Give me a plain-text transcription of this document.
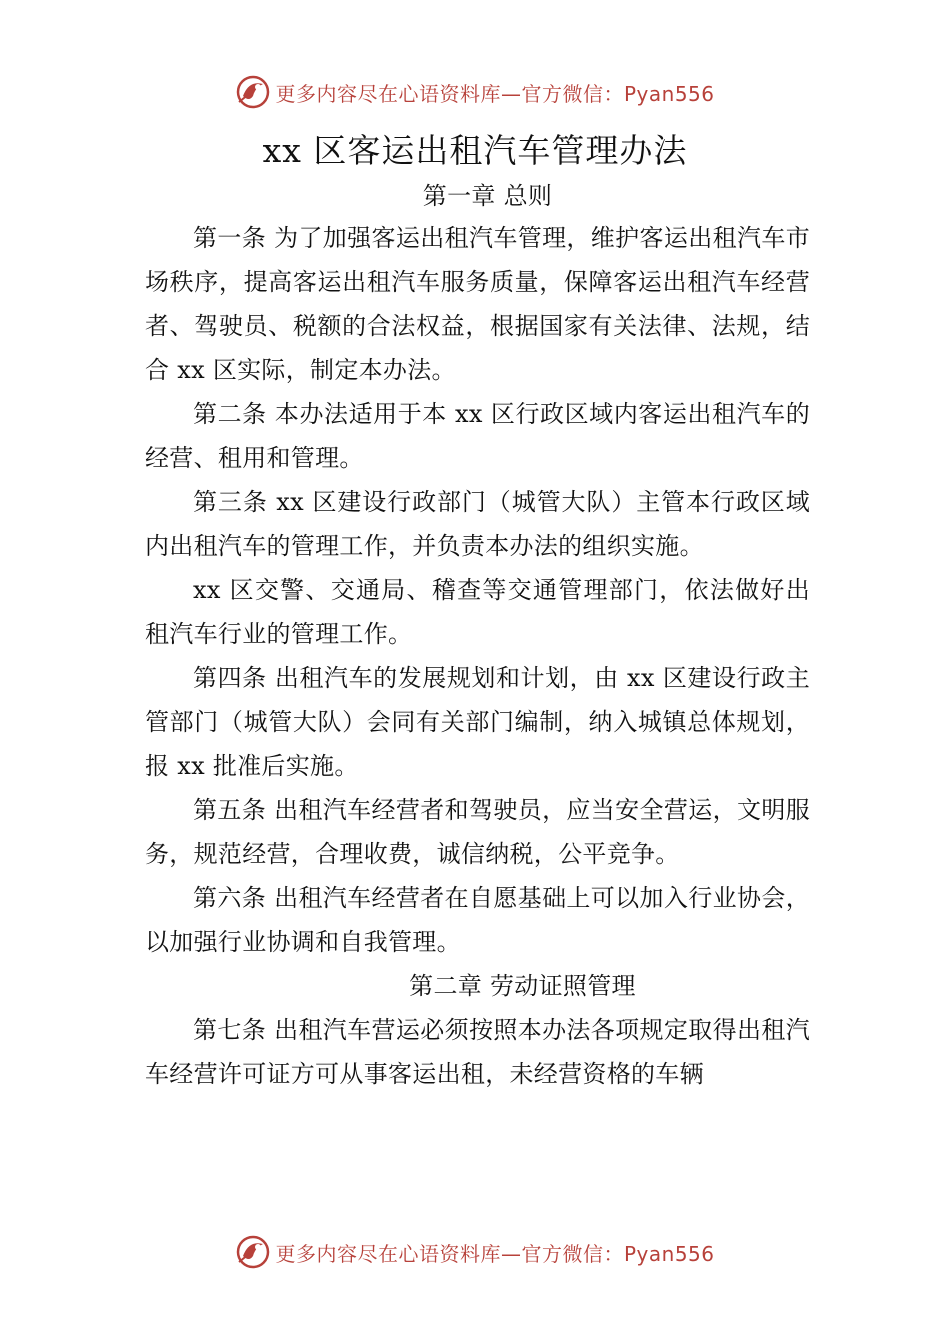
更多内容尽在心语资料库—官方微信：Pyan556
xx 区客运出租汽车管理办法

第一章 总则

第一条 为了加强客运出租汽车管理，维护客运出租汽车市场秩序，提高客运出租汽车服务质量，保障客运出租汽车经营者、驾驶员、税额的合法权益，根据国家有关法律、法规，结合 xx 区实际，制定本办法。

第二条 本办法适用于本 xx 区行政区域内客运出租汽车的经营、租用和管理。

第三条 xx 区建设行政部门（城管大队）主管本行政区域内出租汽车的管理工作，并负责本办法的组织实施。

xx 区交警、交通局、稽查等交通管理部门，依法做好出租汽车行业的管理工作。

第四条 出租汽车的发展规划和计划，由 xx 区建设行政主管部门（城管大队）会同有关部门编制，纳入城镇总体规划，报 xx 批准后实施。

第五条 出租汽车经营者和驾驶员，应当安全营运，文明服务，规范经营，合理收费，诚信纳税，公平竞争。

第六条 出租汽车经营者在自愿基础上可以加入行业协会，以加强行业协调和自我管理。

第二章 劳动证照管理

第七条 出租汽车营运必须按照本办法各项规定取得出租汽车经营许可证方可从事客运出租，未经营资格的车辆

更多内容尽在心语资料库—官方微信：Pyan556
